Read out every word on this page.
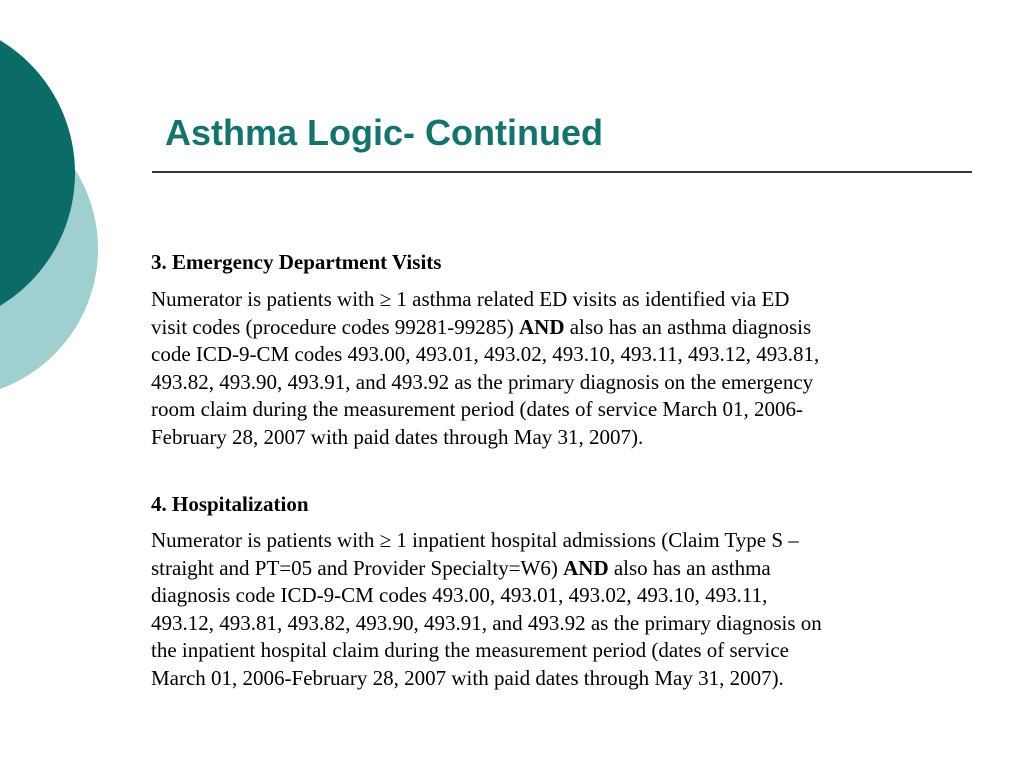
Asthma Logic- Continued
3. Emergency Department Visits
Numerator is patients with ≥ 1 asthma related ED visits as identified via ED
visit codes (procedure codes 99281-99285) AND also has an asthma diagnosis
code ICD-9-CM codes 493.00, 493.01, 493.02, 493.10, 493.11, 493.12, 493.81,
493.82, 493.90, 493.91, and 493.92 as the primary diagnosis on the emergency
room claim during the measurement period (dates of service March 01, 2006-
February 28, 2007 with paid dates through May 31, 2007).
4. Hospitalization
Numerator is patients with ≥ 1 inpatient hospital admissions (Claim Type S –
straight and PT=05 and Provider Specialty=W6) AND also has an asthma
diagnosis code ICD-9-CM codes 493.00, 493.01, 493.02, 493.10, 493.11,
493.12, 493.81, 493.82, 493.90, 493.91, and 493.92 as the primary diagnosis on
the inpatient hospital claim during the measurement period (dates of service
March 01, 2006-February 28, 2007 with paid dates through May 31, 2007).
